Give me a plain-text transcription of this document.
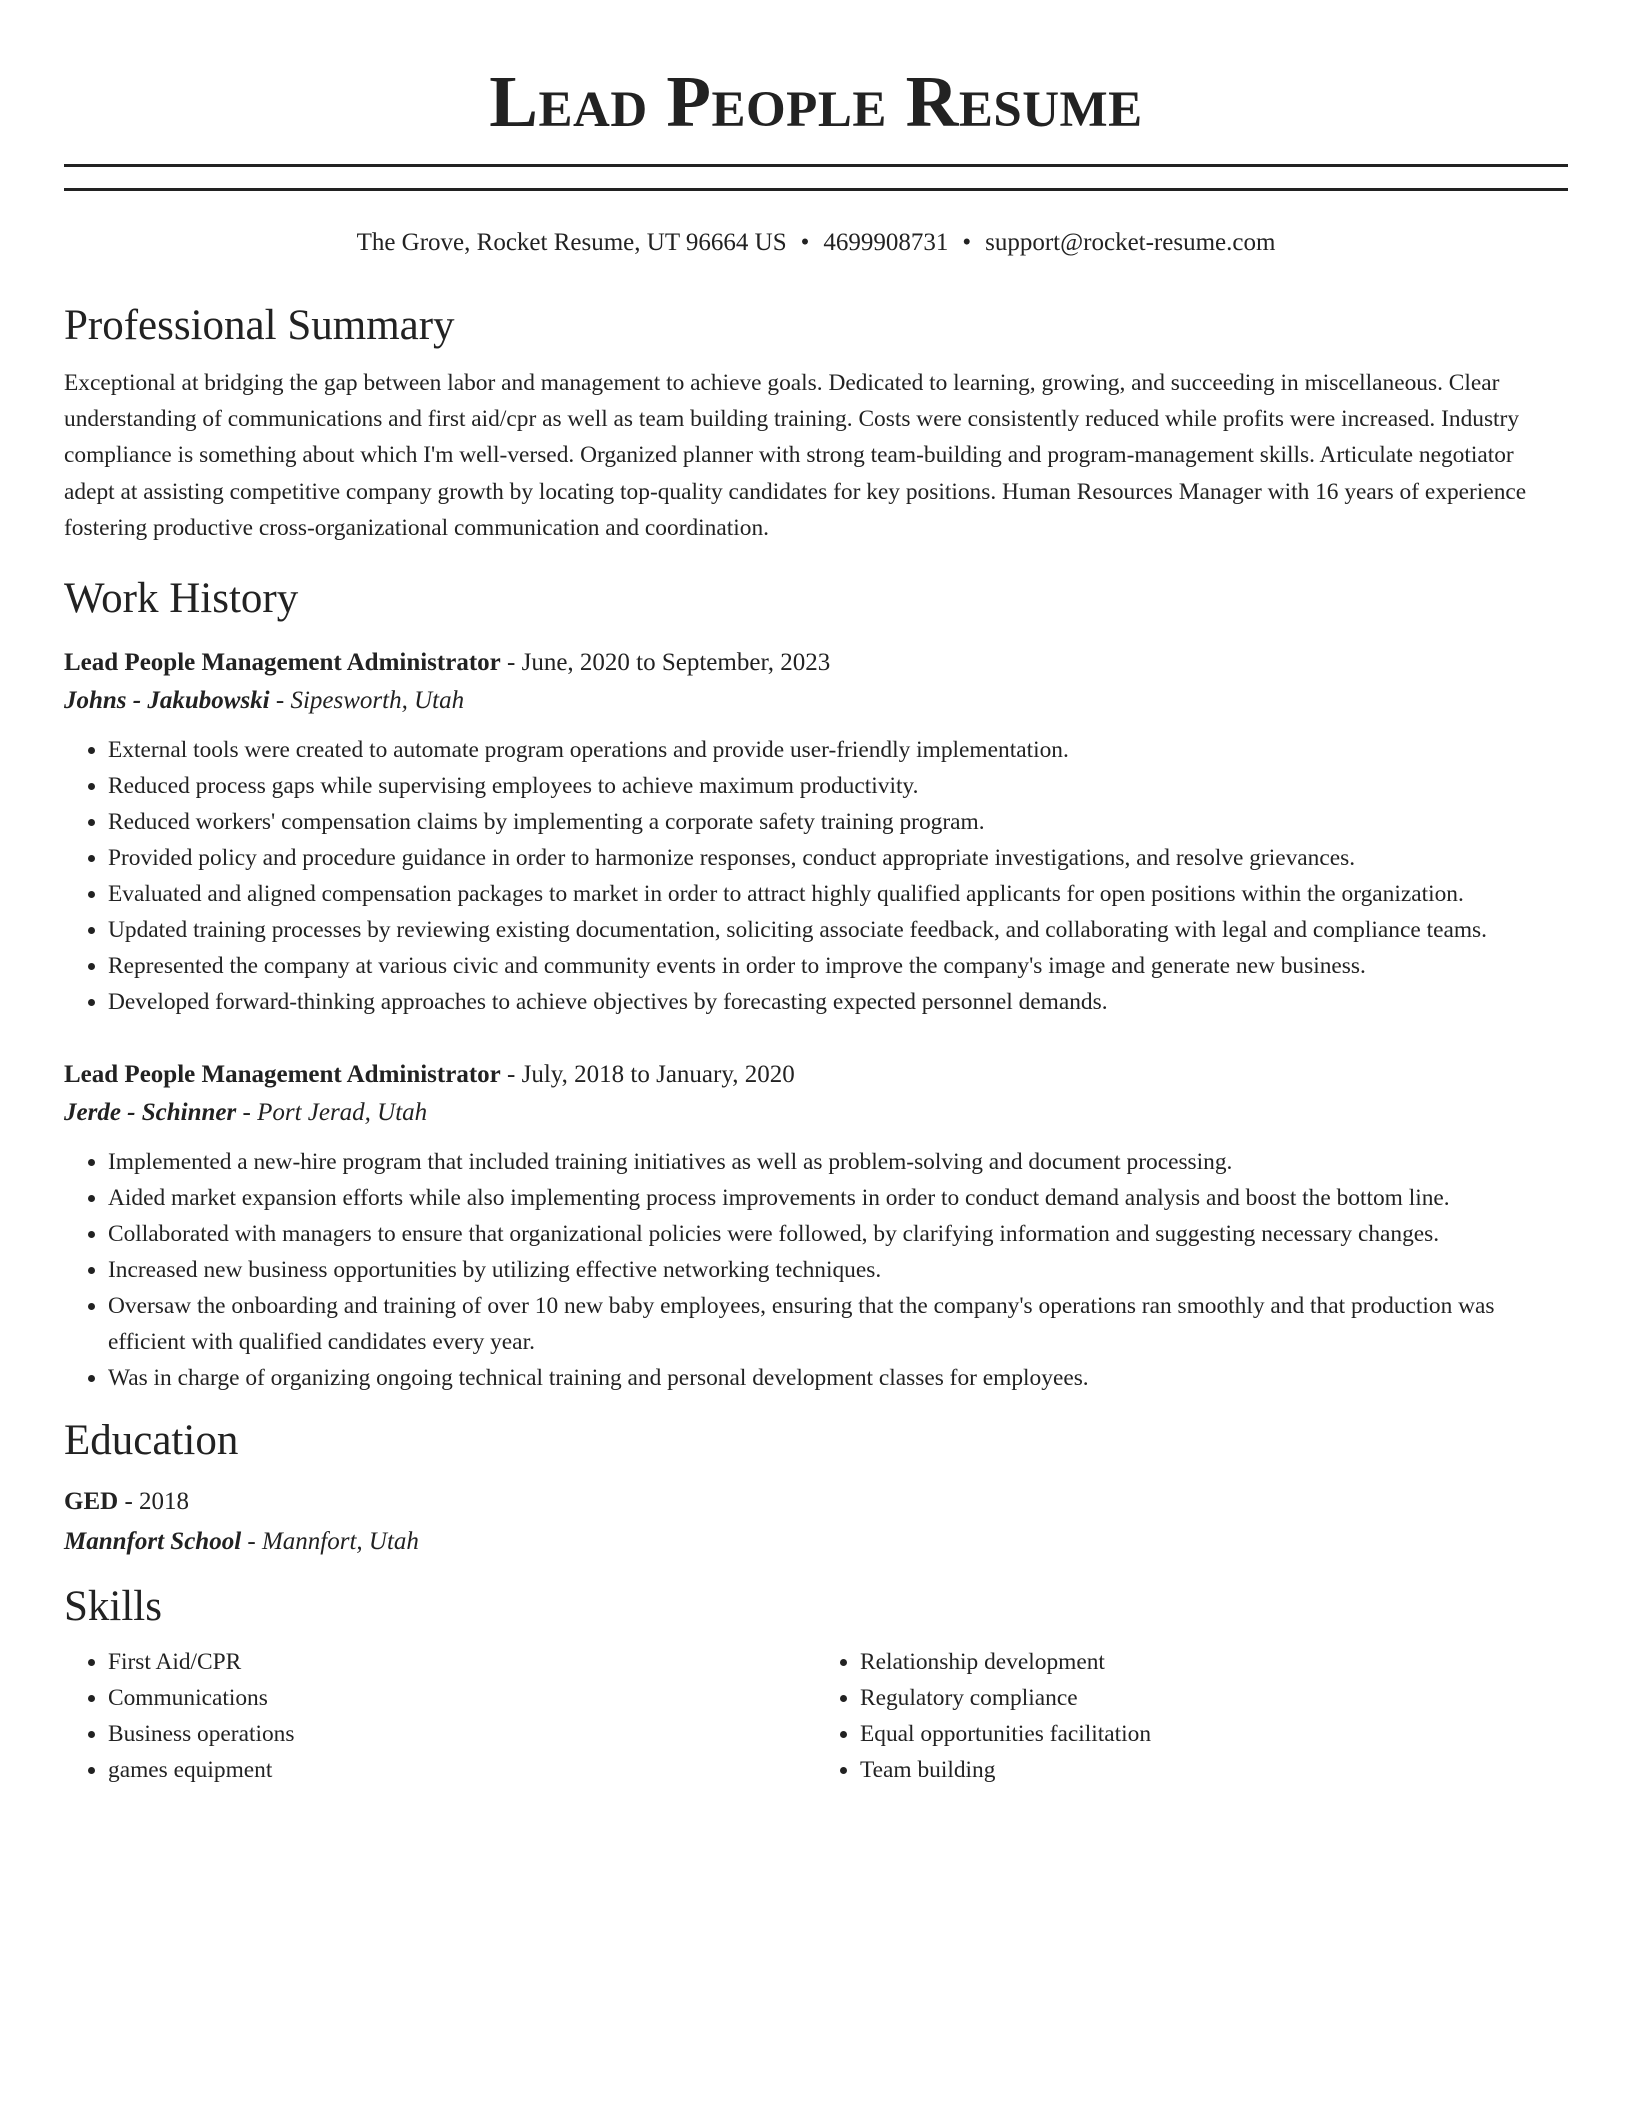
Lead People Resume
The Grove, Rocket Resume, UT 96664 US • 4699908731 • support@rocket-resume.com
Professional Summary
Exceptional at bridging the gap between labor and management to achieve goals. Dedicated to learning, growing, and succeeding in miscellaneous. Clear understanding of communications and first aid/cpr as well as team building training. Costs were consistently reduced while profits were increased. Industry compliance is something about which I'm well-versed. Organized planner with strong team-building and program-management skills. Articulate negotiator adept at assisting competitive company growth by locating top-quality candidates for key positions. Human Resources Manager with 16 years of experience fostering productive cross-organizational communication and coordination.
Work History
Lead People Management Administrator - June, 2020 to September, 2023
Johns - Jakubowski - Sipesworth, Utah
• External tools were created to automate program operations and provide user-friendly implementation.
• Reduced process gaps while supervising employees to achieve maximum productivity.
• Reduced workers' compensation claims by implementing a corporate safety training program.
• Provided policy and procedure guidance in order to harmonize responses, conduct appropriate investigations, and resolve grievances.
• Evaluated and aligned compensation packages to market in order to attract highly qualified applicants for open positions within the organization.
• Updated training processes by reviewing existing documentation, soliciting associate feedback, and collaborating with legal and compliance teams.
• Represented the company at various civic and community events in order to improve the company's image and generate new business.
• Developed forward-thinking approaches to achieve objectives by forecasting expected personnel demands.
Lead People Management Administrator - July, 2018 to January, 2020
Jerde - Schinner - Port Jerad, Utah
• Implemented a new-hire program that included training initiatives as well as problem-solving and document processing.
• Aided market expansion efforts while also implementing process improvements in order to conduct demand analysis and boost the bottom line.
• Collaborated with managers to ensure that organizational policies were followed, by clarifying information and suggesting necessary changes.
• Increased new business opportunities by utilizing effective networking techniques.
• Oversaw the onboarding and training of over 10 new baby employees, ensuring that the company's operations ran smoothly and that production was efficient with qualified candidates every year.
• Was in charge of organizing ongoing technical training and personal development classes for employees.
Education
GED - 2018
Mannfort School - Mannfort, Utah
Skills
• First Aid/CPR
• Communications
• Business operations
• games equipment
• Relationship development
• Regulatory compliance
• Equal opportunities facilitation
• Team building
